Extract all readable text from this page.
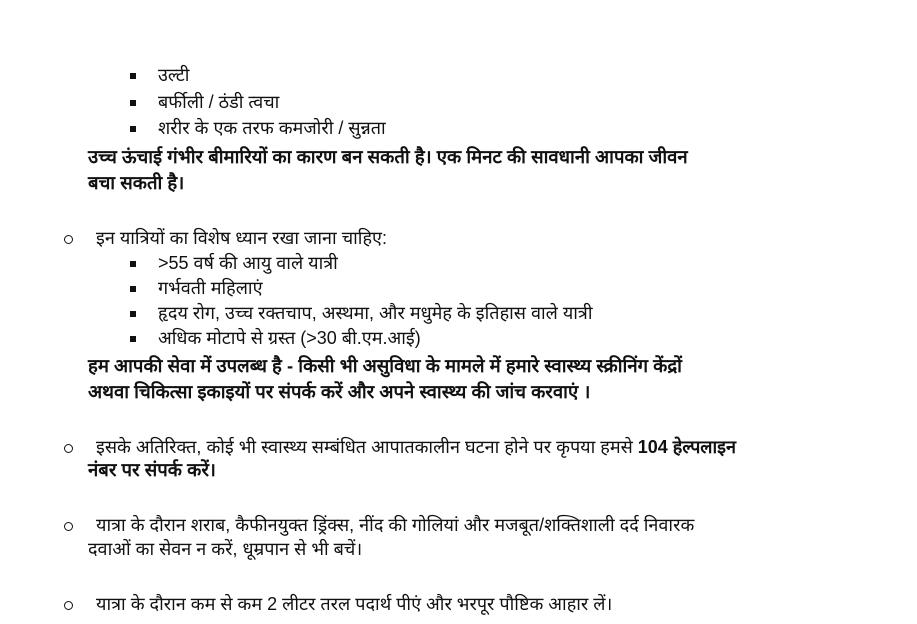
उल्टी
बर्फीली / ठंडी त्वचा
शरीर के एक तरफ कमजोरी / सुन्नता
उच्च ऊंचाई गंभीर बीमारियों का कारण बन सकती है। एक मिनट की सावधानी आपका जीवन
बचा सकती है।
इन यात्रियों का विशेष ध्यान रखा जाना चाहिए:
>55 वर्ष की आयु वाले यात्री
गर्भवती महिलाएं
हृदय रोग, उच्च रक्तचाप, अस्थमा, और मधुमेह के इतिहास वाले यात्री
अधिक मोटापे से ग्रस्त (>30 बी.एम.आई)
हम आपकी सेवा में उपलब्ध है - किसी भी असुविधा के मामले में हमारे स्वास्थ्य स्क्रीनिंग केंद्रों
अथवा चिकित्सा इकाइयों पर संपर्क करें और अपने स्वास्थ्य की जांच करवाएं ।
इसके अतिरिक्त, कोई भी स्वास्थ्य सम्बंधित आपातकालीन घटना होने पर कृपया हमसे 104 हेल्पलाइन
नंबर पर संपर्क करें।
यात्रा के दौरान शराब, कैफीनयुक्त ड्रिंक्स, नींद की गोलियां और मजबूत/शक्तिशाली दर्द निवारक
दवाओं का सेवन न करें, धूम्रपान से भी बचें।
यात्रा के दौरान कम से कम 2 लीटर तरल पदार्थ पीएं और भरपूर पौष्टिक आहार लें।
